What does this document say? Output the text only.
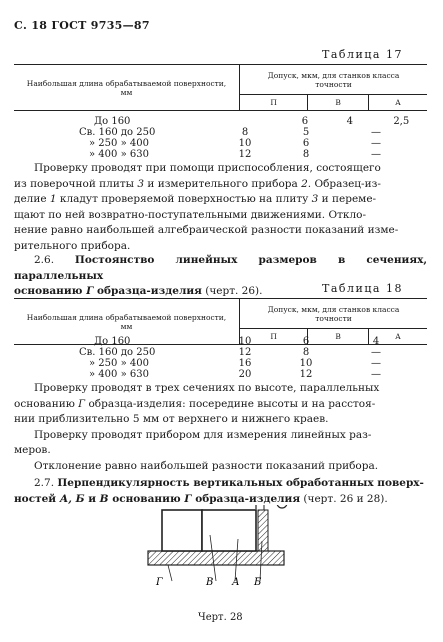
С. 18 ГОСТ 9735—87
Таблица 17
Наибольшая длина обрабатываемой поверхности, мм	Допуск, мкм, для станков класса точности		
	П	В	А
До 160	6	4	2,5
Св. 160 до 250	8	5	—
» 250 » 400	10	6	—
» 400 » 630	12	8	—
Проверку проводят при помощи приспособления, состоящего
из поверочной плиты 3 и измерительного прибора 2. Образец-из-
делие 1 кладут проверяемой поверхностью на плиту 3 и переме-
щают по ней возвратно-поступательными движениями. Откло-
нение равно наибольшей алгебраической разности показаний изме-
рительного прибора.
2.6. Постоянство линейных размеров в сечениях, параллельных
основанию Г образца-изделия (черт. 26).	Таблица 18
Наибольшая длина обрабатываемой поверхности, мм	Допуск, мкм, для станков класса точности		
	П	В	А
До 160	10	6	4
Св. 160 до 250	12	8	—
» 250 » 400	16	10	—
» 400 » 630	20	12	—
Проверку проводят в трех сечениях по высоте, параллельных
основанию Г образца-изделия: посередине высоты и на расстоя-
нии приблизительно 5 мм от верхнего и нижнего краев.
Проверку проводят прибором для измерения линейных раз-
меров.
Отклонение равно наибольшей разности показаний прибора.
2.7. Перпендикулярность вертикальных обработанных поверх-
ностей А, Б и В основанию Г образца-изделия (черт. 26 и 28).
Г	В А Б
Черт. 28
